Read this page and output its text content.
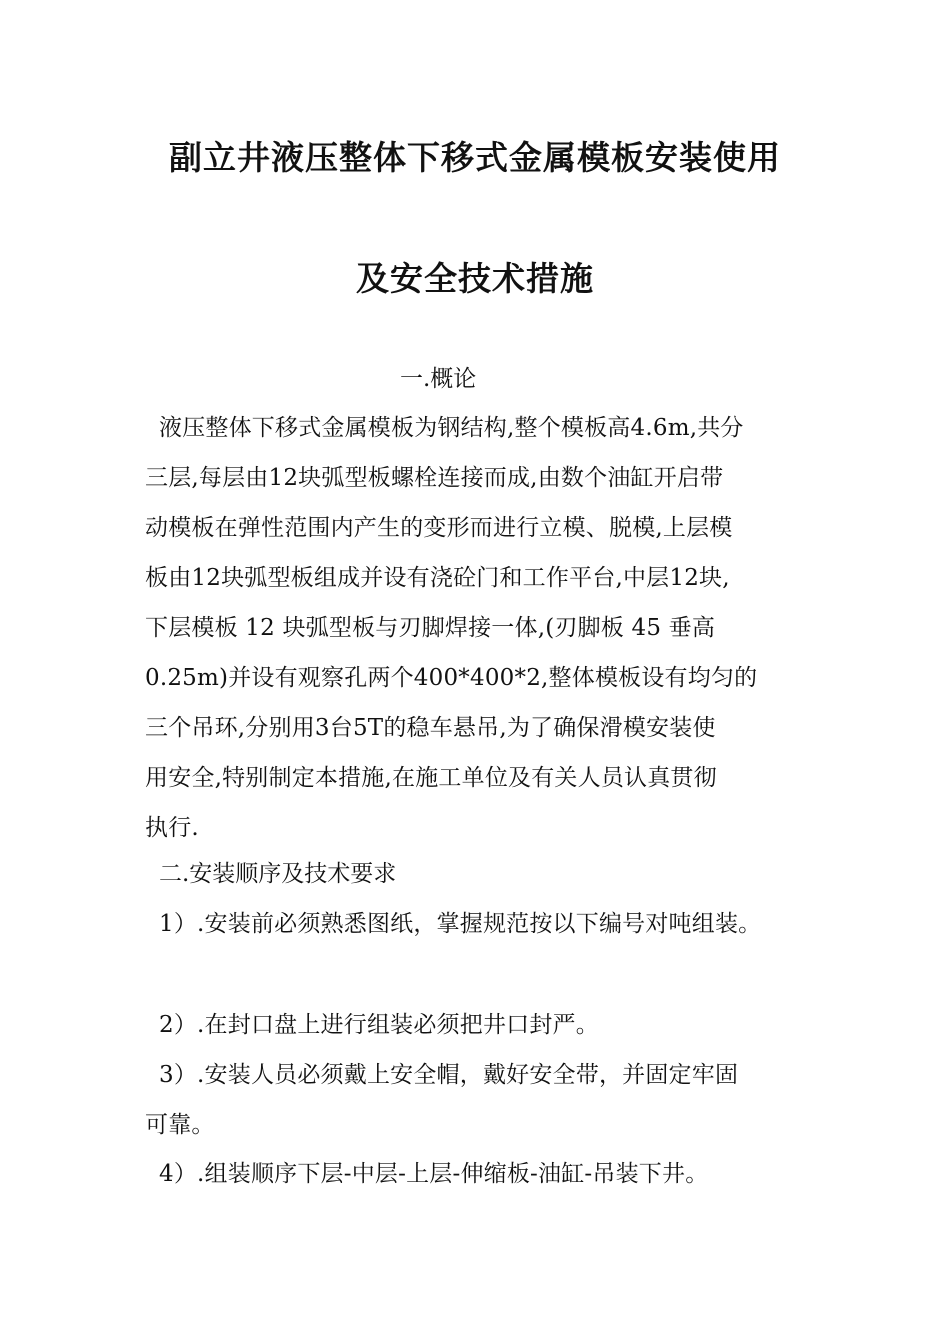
副立井液压整体下移式金属模板安装使用
及安全技术措施
一.概论
液压整体下移式金属模板为钢结构,整个模板高4.6m,共分
三层,每层由12块弧型板螺栓连接而成,由数个油缸开启带
动模板在弹性范围内产生的变形而进行立模、脱模,上层模
板由12块弧型板组成并设有浇砼门和工作平台,中层12块,
下层模板 12 块弧型板与刃脚焊接一体,(刃脚板 45 垂高
0.25m)并设有观察孔两个400*400*2,整体模板设有均匀的
三个吊环,分别用3台5T的稳车悬吊,为了确保滑模安装使
用安全,特别制定本措施,在施工单位及有关人员认真贯彻
执行.
二.安装顺序及技术要求
1）.安装前必须熟悉图纸，掌握规范按以下编号对吨组装。
2）.在封口盘上进行组装必须把井口封严。
3）.安装人员必须戴上安全帽，戴好安全带，并固定牢固
可靠。
4）.组装顺序下层-中层-上层-伸缩板-油缸-吊装下井。
